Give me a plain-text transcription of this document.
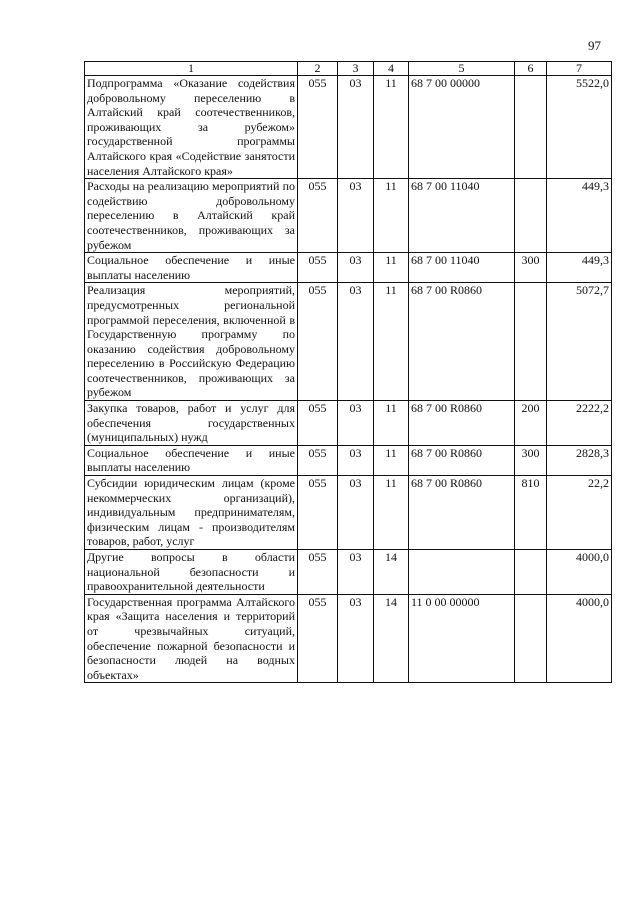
97
1	2	3	4	5	6	7
Подпрограмма «Оказание содействия добровольному переселению в Алтайский край соотечественников, проживающих за рубежом» государственной программы Алтайского края «Содействие занятости населения Алтайского края»	055	03	11	68 7 00 00000		5522,0
Расходы на реализацию мероприятий по содействию добровольному переселению в Алтайский край соотечественников, проживающих за рубежом	055	03	11	68 7 00 11040		449,3
Социальное обеспечение и иные выплаты населению	055	03	11	68 7 00 11040	300	449,3
Реализация мероприятий, предусмотренных региональной программой переселения, включенной в Государственную программу по оказанию содействия добровольному переселению в Российскую Федерацию соотечественников, проживающих за рубежом	055	03	11	68 7 00 R0860		5072,7
Закупка товаров, работ и услуг для обеспечения государственных (муниципальных) нужд	055	03	11	68 7 00 R0860	200	2222,2
Социальное обеспечение и иные выплаты населению	055	03	11	68 7 00 R0860	300	2828,3
Субсидии юридическим лицам (кроме некоммерческих организаций), индивидуальным предпринимателям, физическим лицам - производителям товаров, работ, услуг	055	03	11	68 7 00 R0860	810	22,2
Другие вопросы в области национальной безопасности и правоохранительной деятельности	055	03	14			4000,0
Государственная программа Алтайского края «Защита населения и территорий от чрезвычайных ситуаций, обеспечение пожарной безопасности и безопасности людей на водных объектах»	055	03	14	11 0 00 00000		4000,0
